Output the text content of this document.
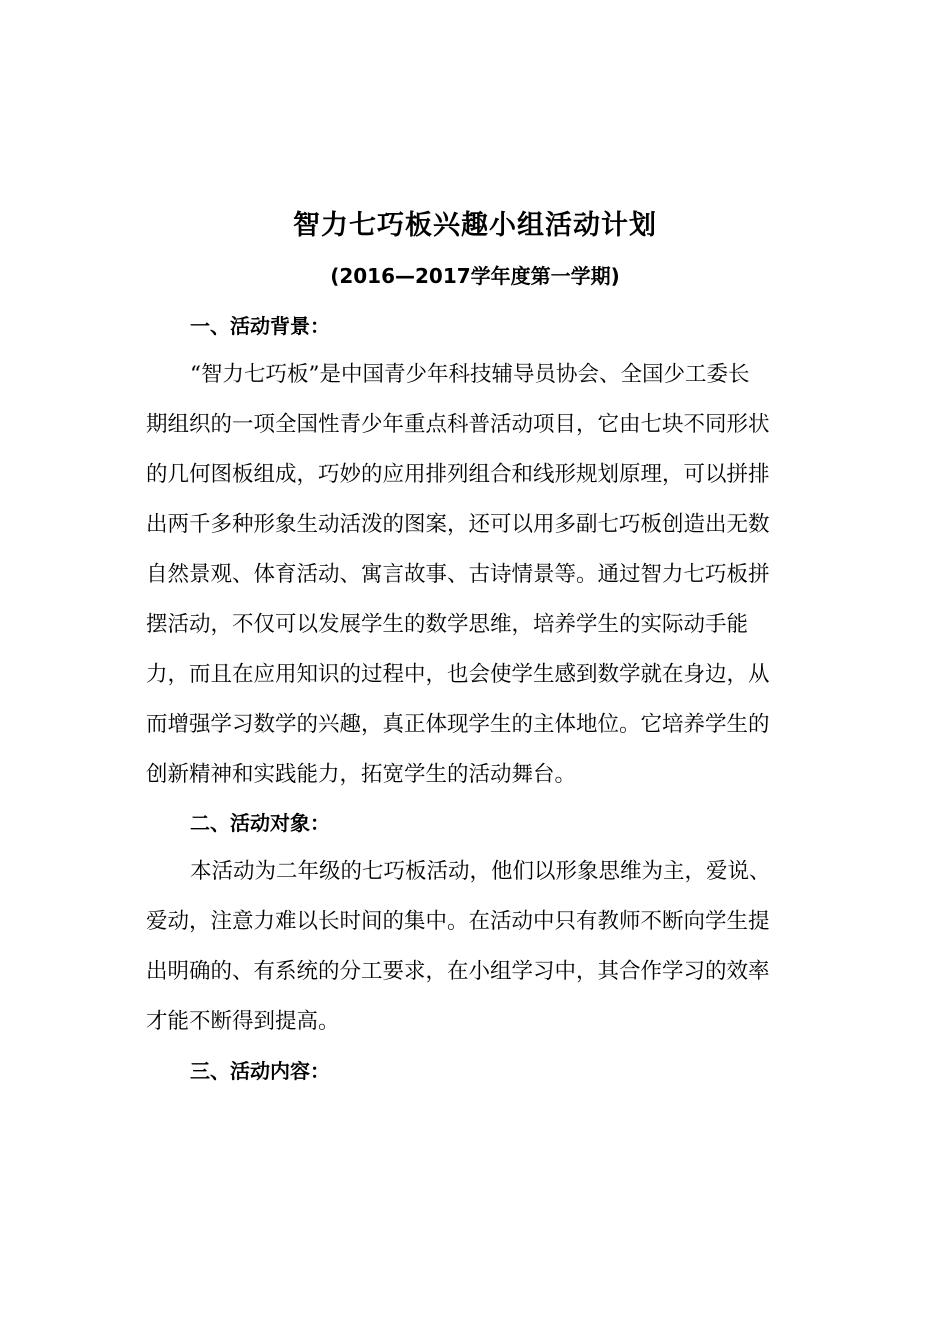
智力七巧板兴趣小组活动计划

(2016—2017学年度第一学期)

一、活动背景：
“智力七巧板”是中国青少年科技辅导员协会、全国少工委长
期组织的一项全国性青少年重点科普活动项目，它由七块不同形状
的几何图板组成，巧妙的应用排列组合和线形规划原理，可以拼排
出两千多种形象生动活泼的图案，还可以用多副七巧板创造出无数
自然景观、体育活动、寓言故事、古诗情景等。通过智力七巧板拼
摆活动，不仅可以发展学生的数学思维，培养学生的实际动手能
力，而且在应用知识的过程中，也会使学生感到数学就在身边，从
而增强学习数学的兴趣，真正体现学生的主体地位。它培养学生的
创新精神和实践能力，拓宽学生的活动舞台。
二、活动对象：
本活动为二年级的七巧板活动，他们以形象思维为主，爱说、
爱动，注意力难以长时间的集中。在活动中只有教师不断向学生提
出明确的、有系统的分工要求，在小组学习中，其合作学习的效率
才能不断得到提高。
三、活动内容：
